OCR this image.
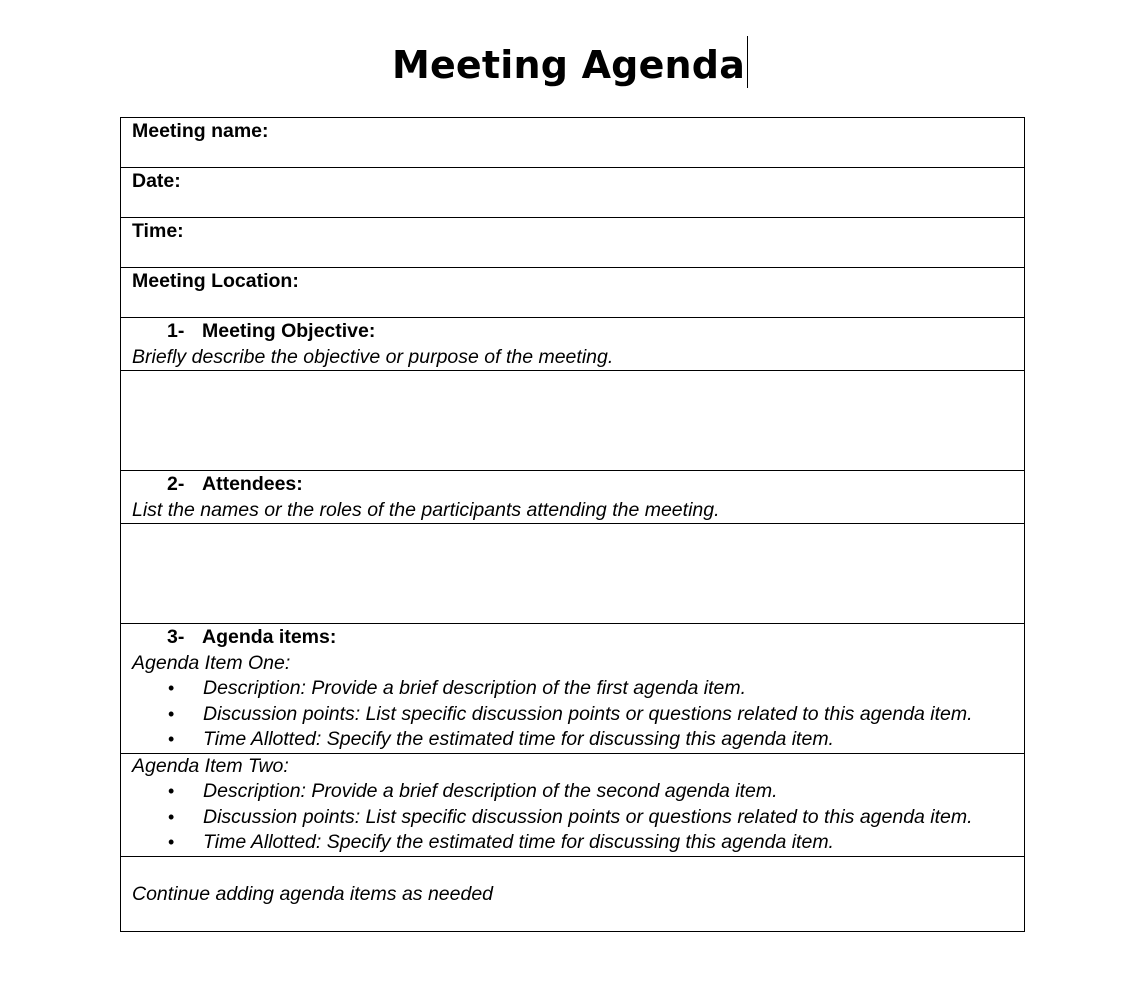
Meeting Agenda
Meeting name:

Date:

Time:

Meeting Location:

1- Meeting Objective:
Briefly describe the objective or purpose of the meeting.

2- Attendees:
List the names or the roles of the participants attending the meeting.

3- Agenda items:
Agenda Item One:
• Description: Provide a brief description of the first agenda item.
• Discussion points: List specific discussion points or questions related to this agenda item.
• Time Allotted: Specify the estimated time for discussing this agenda item.

Agenda Item Two:
• Description: Provide a brief description of the second agenda item.
• Discussion points: List specific discussion points or questions related to this agenda item.
• Time Allotted: Specify the estimated time for discussing this agenda item.

Continue adding agenda items as needed
